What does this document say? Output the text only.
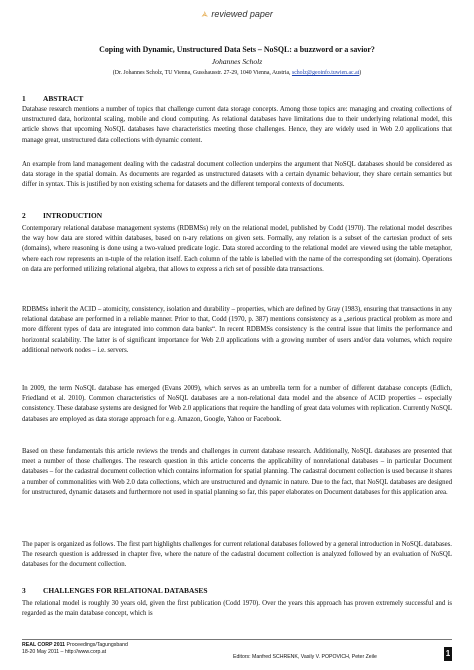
🟃 reviewed paper
Coping with Dynamic, Unstructured Data Sets – NoSQL: a buzzword or a savior?
Johannes Scholz
(Dr. Johannes Scholz, TU Vienna, Gusshausstr. 27-29, 1040 Vienna, Austria, scholz@geoinfo.tuwien.ac.at)
1 ABSTRACT

Database research mentions a number of topics that challenge current data storage concepts. Among those topics are: managing and creating collections of unstructured data, horizontal scaling, mobile and cloud computing. As relational databases have limitations due to their underlying relational model, this article shows that upcoming NoSQL databases have characteristics meeting those challenges. Hence, they are widely used in Web 2.0 applications that manage great, unstructured data collections with dynamic content.

An example from land management dealing with the cadastral document collection underpins the argument that NoSQL databases should be considered as data storage in the spatial domain. As documents are regarded as unstructured datasets with a certain dynamic behaviour, they share certain semantics but differ in syntax. This is justified by non existing schema for datasets and the different temporal contexts of documents.

2 INTRODUCTION

Contemporary relational database management systems (RDBMSs) rely on the relational model, published by Codd (1970). The relational model describes the way how data are stored within databases, based on n-ary relations on given sets. Formally, any relation is a subset of the cartesian product of sets (domains), where reasoning is done using a two-valued predicate logic. Data stored according to the relational model are viewed using the table metaphor, where each row represents an n-tuple of the relation itself. Each column of the table is labelled with the name of the corresponding set (domain). Operations on data are performed utilizing relational algebra, that allows to express a rich set of possible data transactions.

RDBMSs inherit the ACID – atomicity, consistency, isolation and durability – properties, which are defined by Gray (1983), ensuring that transactions in any relational database are performed in a reliable manner. Prior to that, Codd (1970, p. 387) mentions consistency as a „serious practical problem as more and more different types of data are integrated into common data banks“. In recent RDBMSs consistency is the central issue that limits the performance and horizontal scalability. The latter is of significant importance for Web 2.0 applications with a growing number of users and/or data volumes, which require additional network nodes – i.e. servers.

In 2009, the term NoSQL database has emerged (Evans 2009), which serves as an umbrella term for a number of different database concepts (Edlich, Friedland et al. 2010). Common characteristics of NoSQL databases are a non-relational data model and the absence of ACID properties – especially consistency. These database systems are designed for Web 2.0 applications that require the handling of great data volumes with replication. Currently NoSQL databases are employed as data storage approach for e.g. Amazon, Google, Yahoo or Facebook.

Based on these fundamentals this article reviews the trends and challenges in current database research. Additionally, NoSQL databases are presented that meet a number of those challenges. The research question in this article concerns the applicability of nonrelational databases – in particular Document databases – for the cadastral document collection which contains information for spatial planning. The cadastral document collection is used because it shares a number of commonalities with Web 2.0 data collections, which are unstructured and dynamic in nature. Due to the fact, that NoSQL databases are designed for unstructured, dynamic datasets and furthermore not used in spatial planning so far, this paper elaborates on Document databases for this application area.

The paper is organized as follows. The first part highlights challenges for current relational databases followed by a general introduction in NoSQL databases. The research question is addressed in chapter five, where the nature of the cadastral document collection is analyzed followed by an evaluation of NoSQL databases for the document collection.

3 CHALLENGES FOR RELATIONAL DATABASES

The relational model is roughly 30 years old, given the first publication (Codd 1970). Over the years this approach has proven extremely successful and is regarded as the main database concept, which is

REAL CORP 2011 Proceedings/Tagungsband
18-20 May 2011 – http://www.corp.at
Editors: Manfred SCHRENK, Vasily V. POPOVICH, Peter Zeile	1
